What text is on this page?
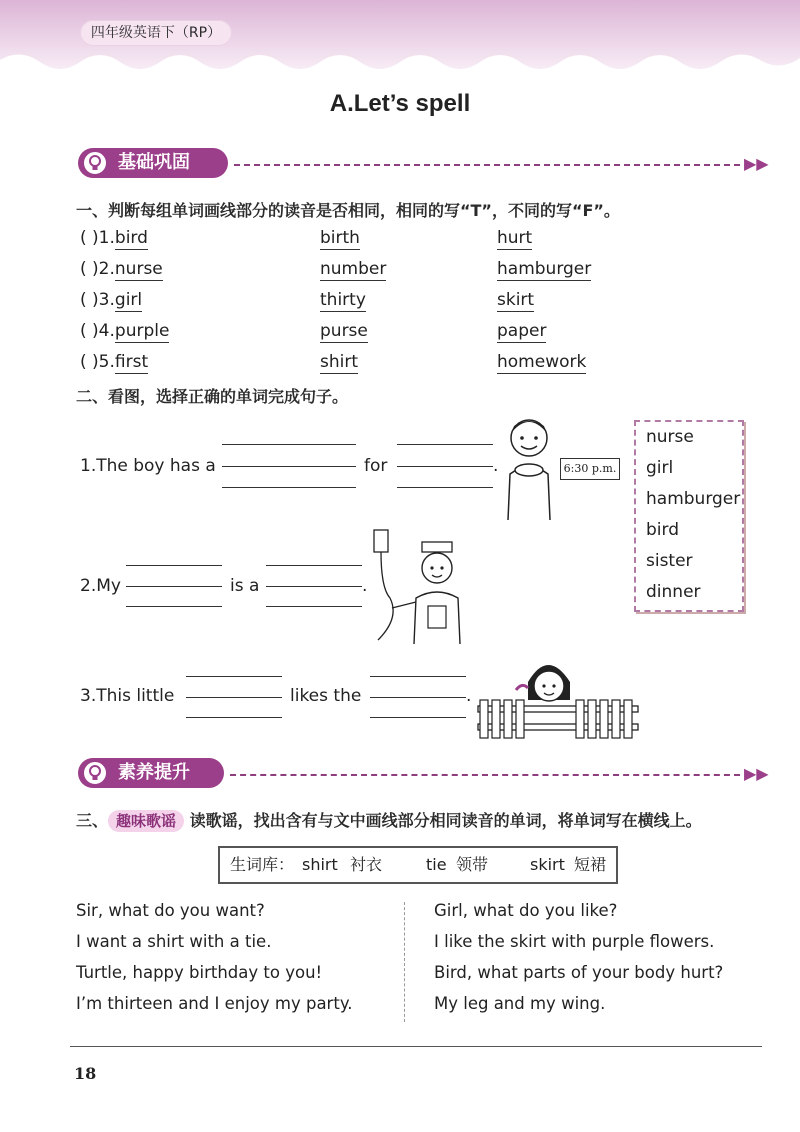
四年级英语下（RP）
A.Let’s spell
基础巩固	▶▶
一、判断每组单词画线部分的读音是否相同，相同的写“T”，不同的写“F”。
( )1.bird	birth	hurt
( )2.nurse	number	hamburger
( )3.girl	thirty	skirt
( )4.purple	purse	paper
( )5.first	shirt	homework
二、看图，选择正确的单词完成句子。
1.The boy has a	for	.	6:30 p.m.
nurse
girl
hamburger
bird
sister
dinner
2.My	is a	.
3.This little	likes the	.
素养提升	▶▶
三、 趣味歌谣 读歌谣，找出含有与文中画线部分相同读音的单词，将单词写在横线上。
生词库： shirt 衬衣	tie 领带	skirt 短裙
Sir, what do you want?
I want a shirt with a tie.
Turtle, happy birthday to you!
I’m thirteen and I enjoy my party.
Girl, what do you like?
I like the skirt with purple flowers.
Bird, what parts of your body hurt?
My leg and my wing.
18
